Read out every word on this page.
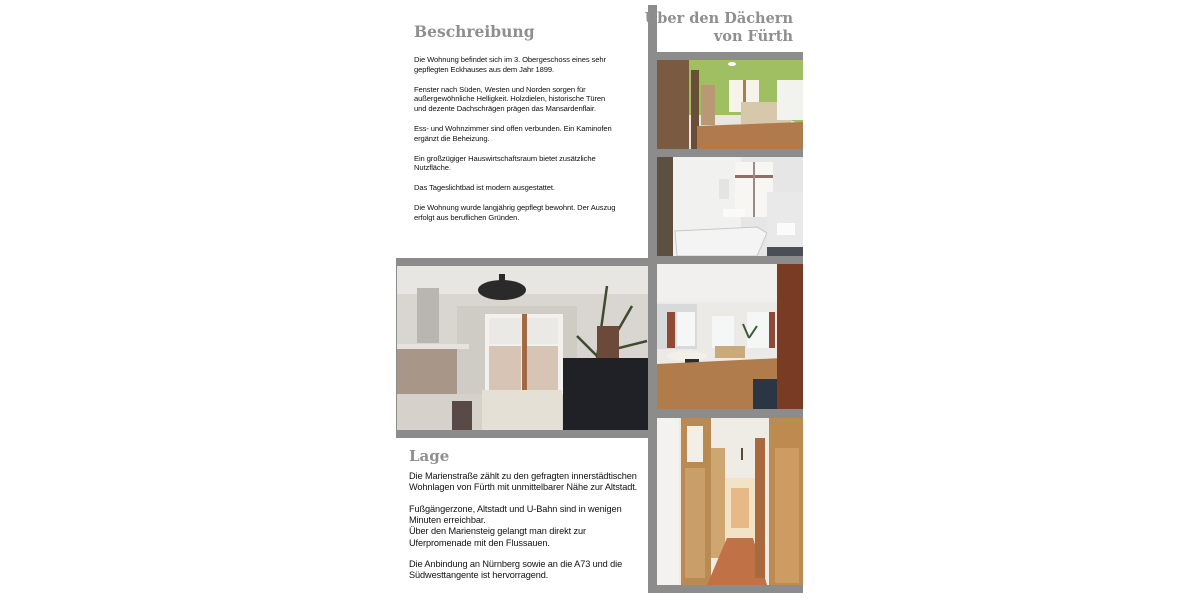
Beschreibung

Die Wohnung befindet sich im 3. Obergeschoss eines sehr
gepflegten Eckhauses aus dem Jahr 1899.

Fenster nach Süden, Westen und Norden sorgen für
außergewöhnliche Helligkeit. Holzdielen, historische Türen
und dezente Dachschrägen prägen das Mansardenflair.

Ess- und Wohnzimmer sind offen verbunden. Ein Kaminofen
ergänzt die Beheizung.

Ein großzügiger Hauswirtschaftsraum bietet zusätzliche
Nutzfläche.

Das Tageslichtbad ist modern ausgestattet.

Die Wohnung wurde langjährig gepflegt bewohnt. Der Auszug
erfolgt aus beruflichen Gründen.

Lage

Die Marienstraße zählt zu den gefragten innerstädtischen
Wohnlagen von Fürth mit unmittelbarer Nähe zur Altstadt.

Fußgängerzone, Altstadt und U-Bahn sind in wenigen
Minuten erreichbar.
Über den Mariensteig gelangt man direkt zur
Uferpromenade mit den Flussauen.

Die Anbindung an Nürnberg sowie an die A73 und die
Südwesttangente ist hervorragend.

Über den Dächern
von Fürth
